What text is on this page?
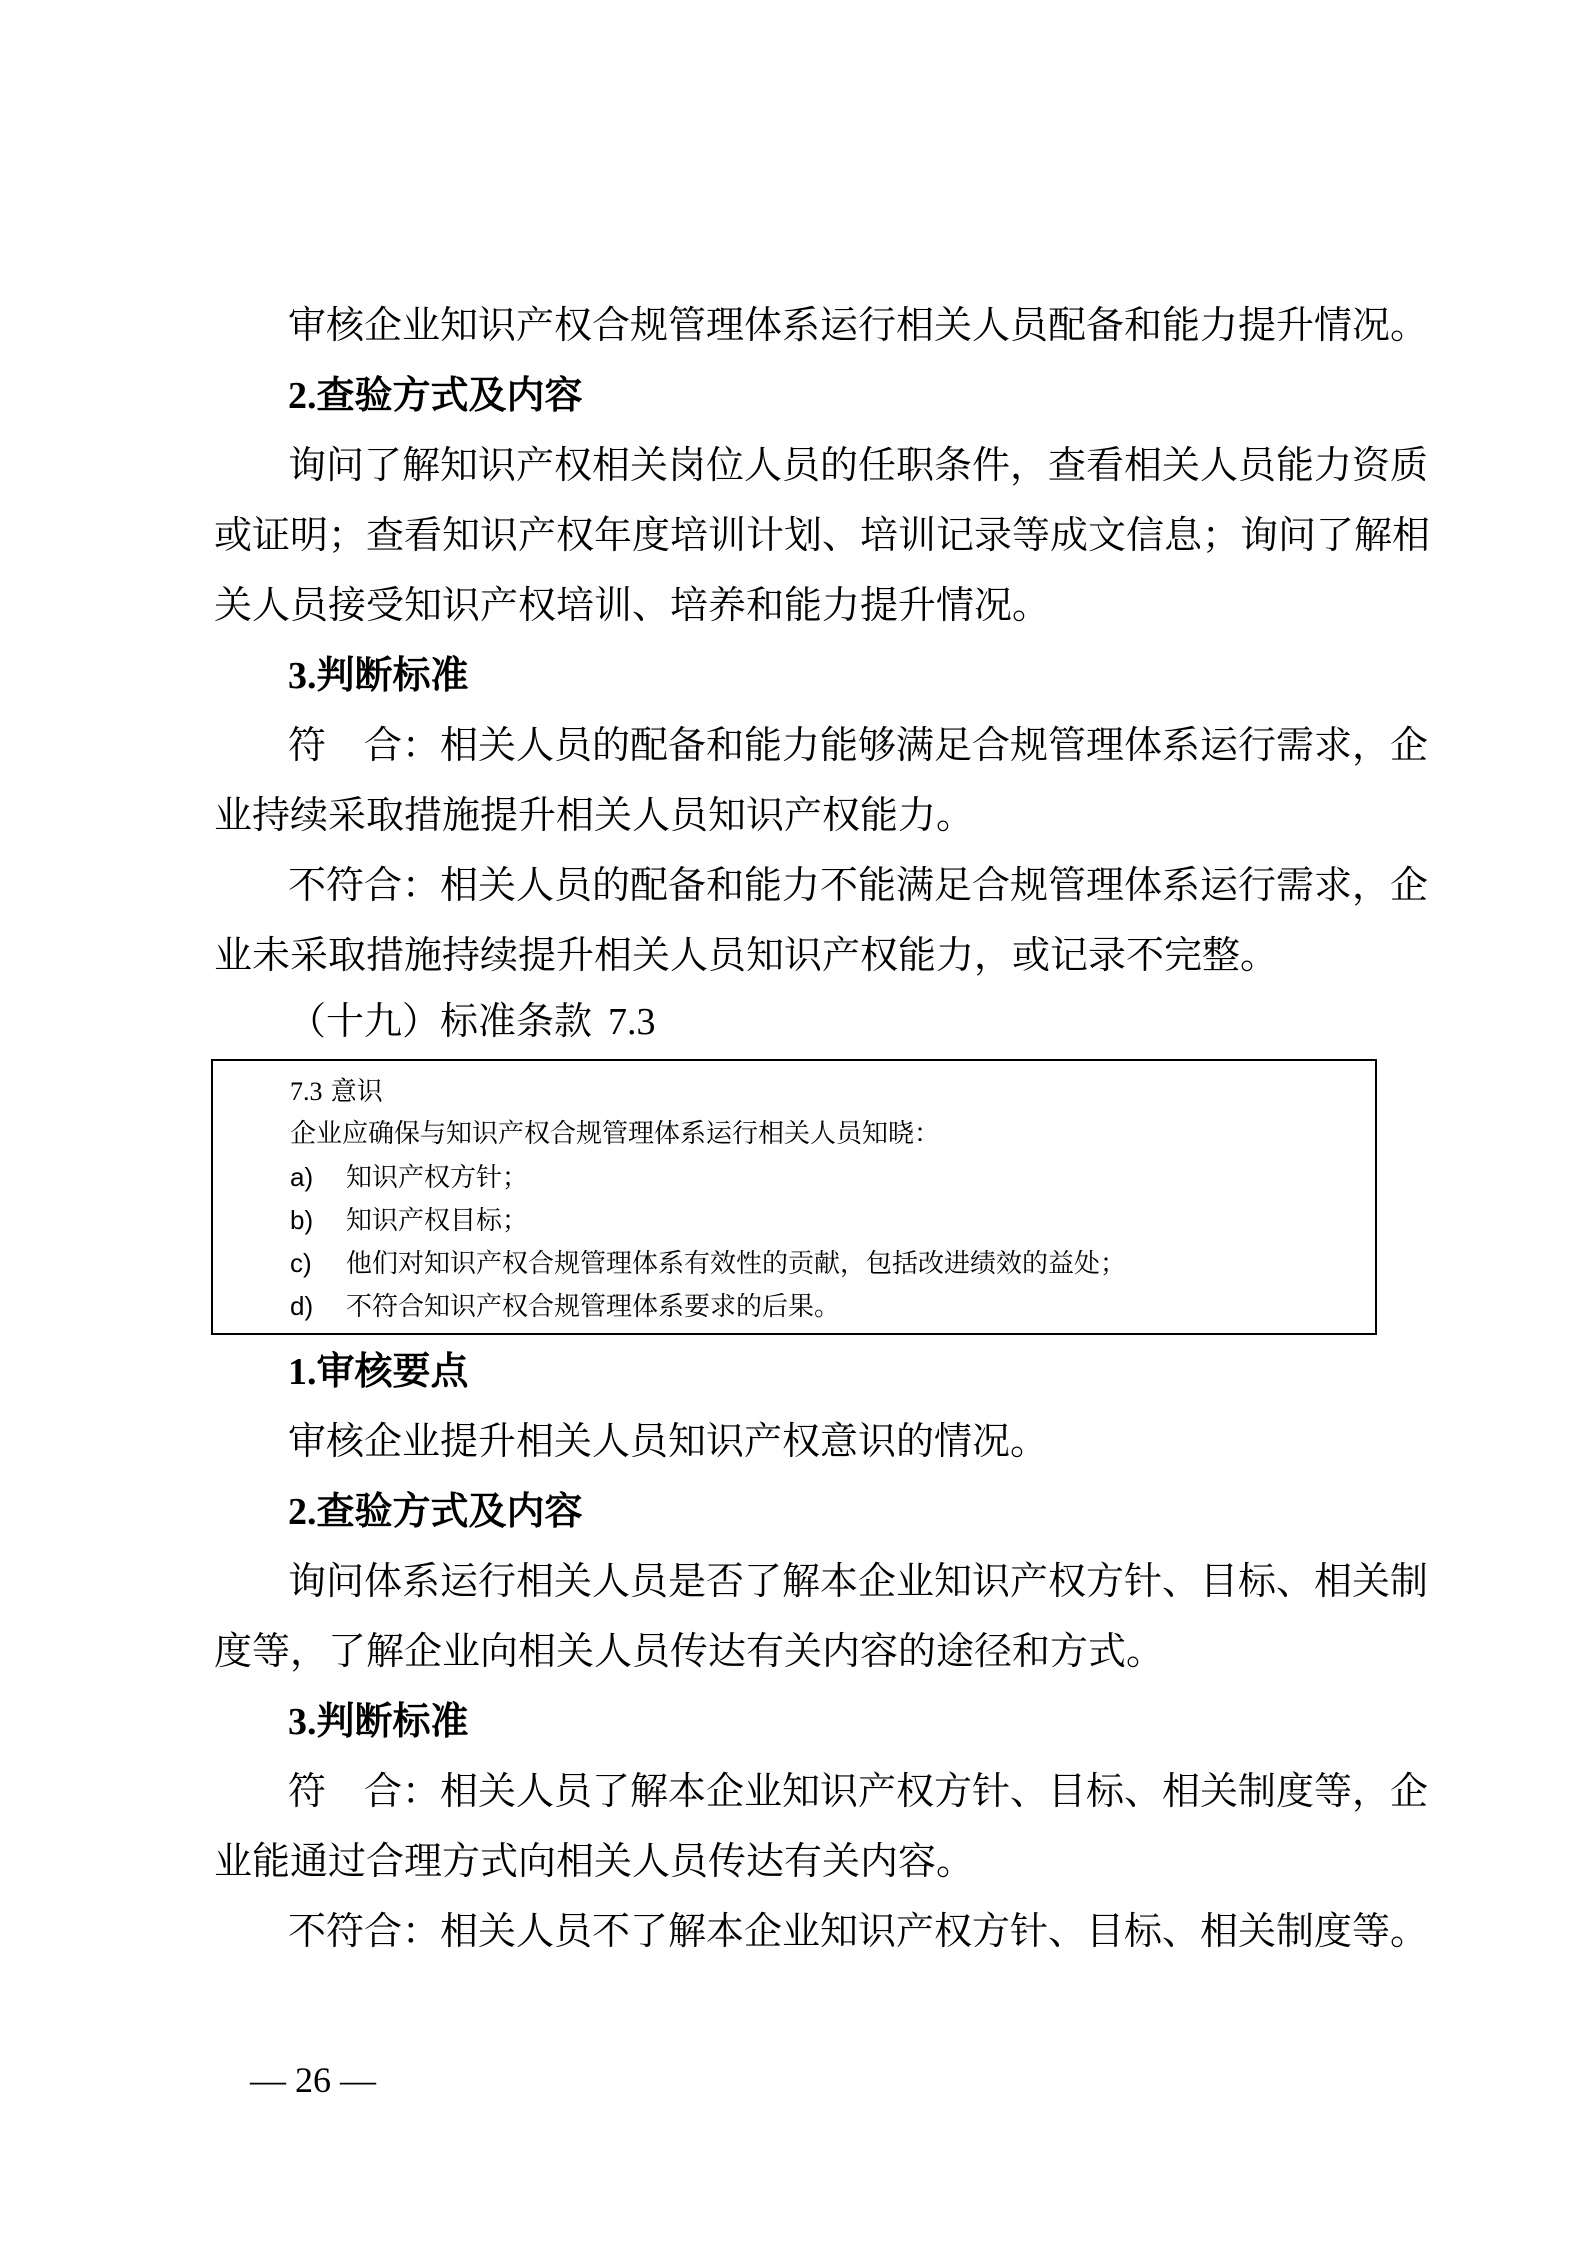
审核企业知识产权合规管理体系运行相关人员配备和能力提升情况。
2.查验方式及内容
询问了解知识产权相关岗位人员的任职条件，查看相关人员能力资质
或证明；查看知识产权年度培训计划、培训记录等成文信息；询问了解相
关人员接受知识产权培训、培养和能力提升情况。
3.判断标准
符　合：相关人员的配备和能力能够满足合规管理体系运行需求，企
业持续采取措施提升相关人员知识产权能力。
不符合：相关人员的配备和能力不能满足合规管理体系运行需求，企
业未采取措施持续提升相关人员知识产权能力，或记录不完整。
（十九）标准条款 7.3
7.3 意识
企业应确保与知识产权合规管理体系运行相关人员知晓：
a) 知识产权方针；
b) 知识产权目标；
c) 他们对知识产权合规管理体系有效性的贡献，包括改进绩效的益处；
d) 不符合知识产权合规管理体系要求的后果。
1.审核要点
审核企业提升相关人员知识产权意识的情况。
2.查验方式及内容
询问体系运行相关人员是否了解本企业知识产权方针、目标、相关制
度等，了解企业向相关人员传达有关内容的途径和方式。
3.判断标准
符　合：相关人员了解本企业知识产权方针、目标、相关制度等，企
业能通过合理方式向相关人员传达有关内容。
不符合：相关人员不了解本企业知识产权方针、目标、相关制度等。
— 26 —
